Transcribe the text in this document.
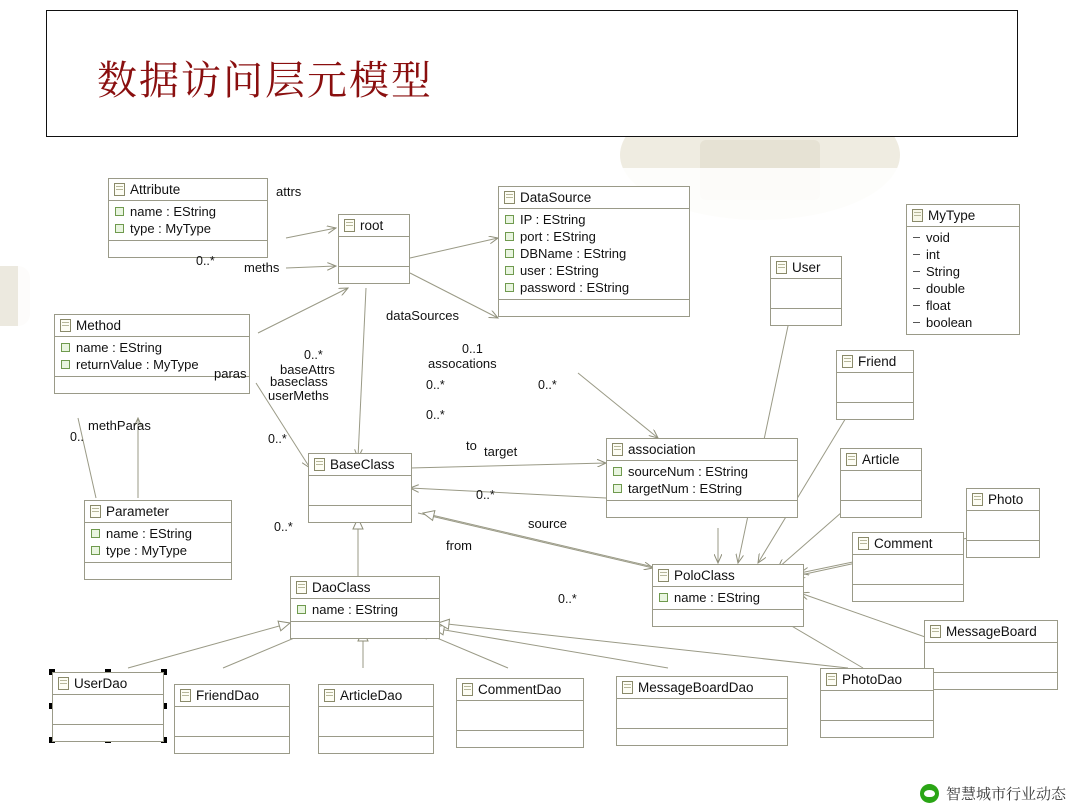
数据访问层元模型
Attribute
name : EString
type : MyType	root
DataSource
IP : EString
port : EString
DBName : EString
user : EString
password : EString
MyType
void
int
String
double
float
boolean
Method
name : EString
returnValue : MyType
User
Friend
Parameter
name : EString
type : MyType
BaseClass
association
sourceNum : EString
targetNum : EString
Article
Photo
Comment
DaoClass
name : EString
PoloClass
name : EString
MessageBoard
UserDao
FriendDao	ArticleDao	CommentDao	MessageBoardDao
PhotoDao
attrs
meths
dataSources
assocations
paras	baseAttrs
baseclass
userMeths
methParas
to target
source
from
0..*
0..*	0..1
0..*
0..*
0..*
0..*
0..*
0..
0..*
0..*
智慧城市行业动态
